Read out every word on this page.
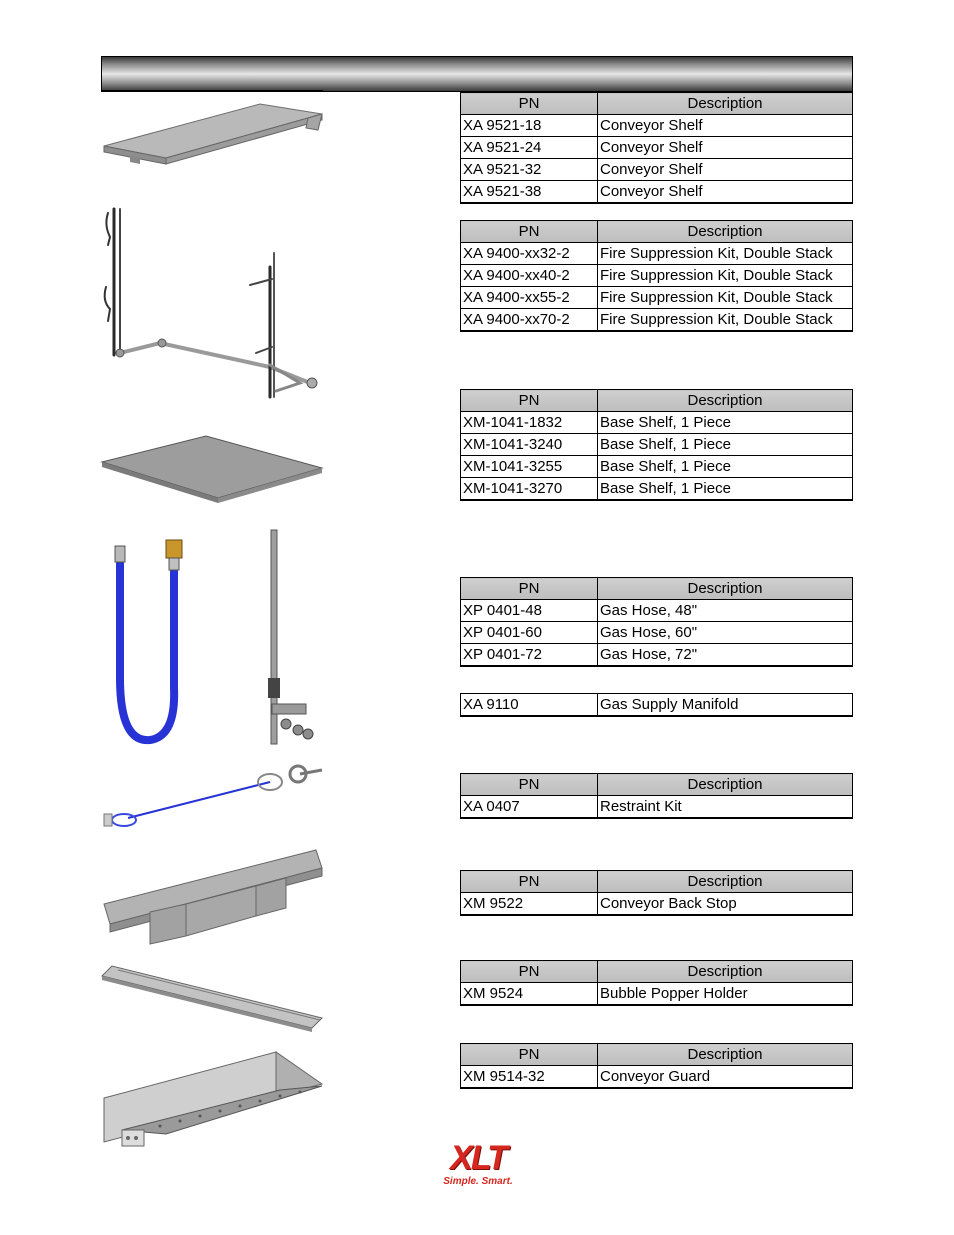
PN	Description
XA 9521-18	Conveyor Shelf
XA 9521-24	Conveyor Shelf
XA 9521-32	Conveyor Shelf
XA 9521-38	Conveyor Shelf
PN	Description
XA 9400-xx32-2	Fire Suppression Kit, Double Stack
XA 9400-xx40-2	Fire Suppression Kit, Double Stack
XA 9400-xx55-2	Fire Suppression Kit, Double Stack
XA 9400-xx70-2	Fire Suppression Kit, Double Stack
PN	Description
XM-1041-1832	Base Shelf, 1 Piece
XM-1041-3240	Base Shelf, 1 Piece
XM-1041-3255	Base Shelf, 1 Piece
XM-1041-3270	Base Shelf, 1 Piece
PN	Description
XP 0401-48	Gas Hose, 48"
XP 0401-60	Gas Hose, 60"
XP 0401-72	Gas Hose, 72"
XA 9110	Gas Supply Manifold
PN	Description
XA 0407	Restraint Kit
PN	Description
XM 9522	Conveyor Back Stop
PN	Description
XM 9524	Bubble Popper Holder
PN	Description
XM 9514-32	Conveyor Guard
XLT
Simple. Smart.
